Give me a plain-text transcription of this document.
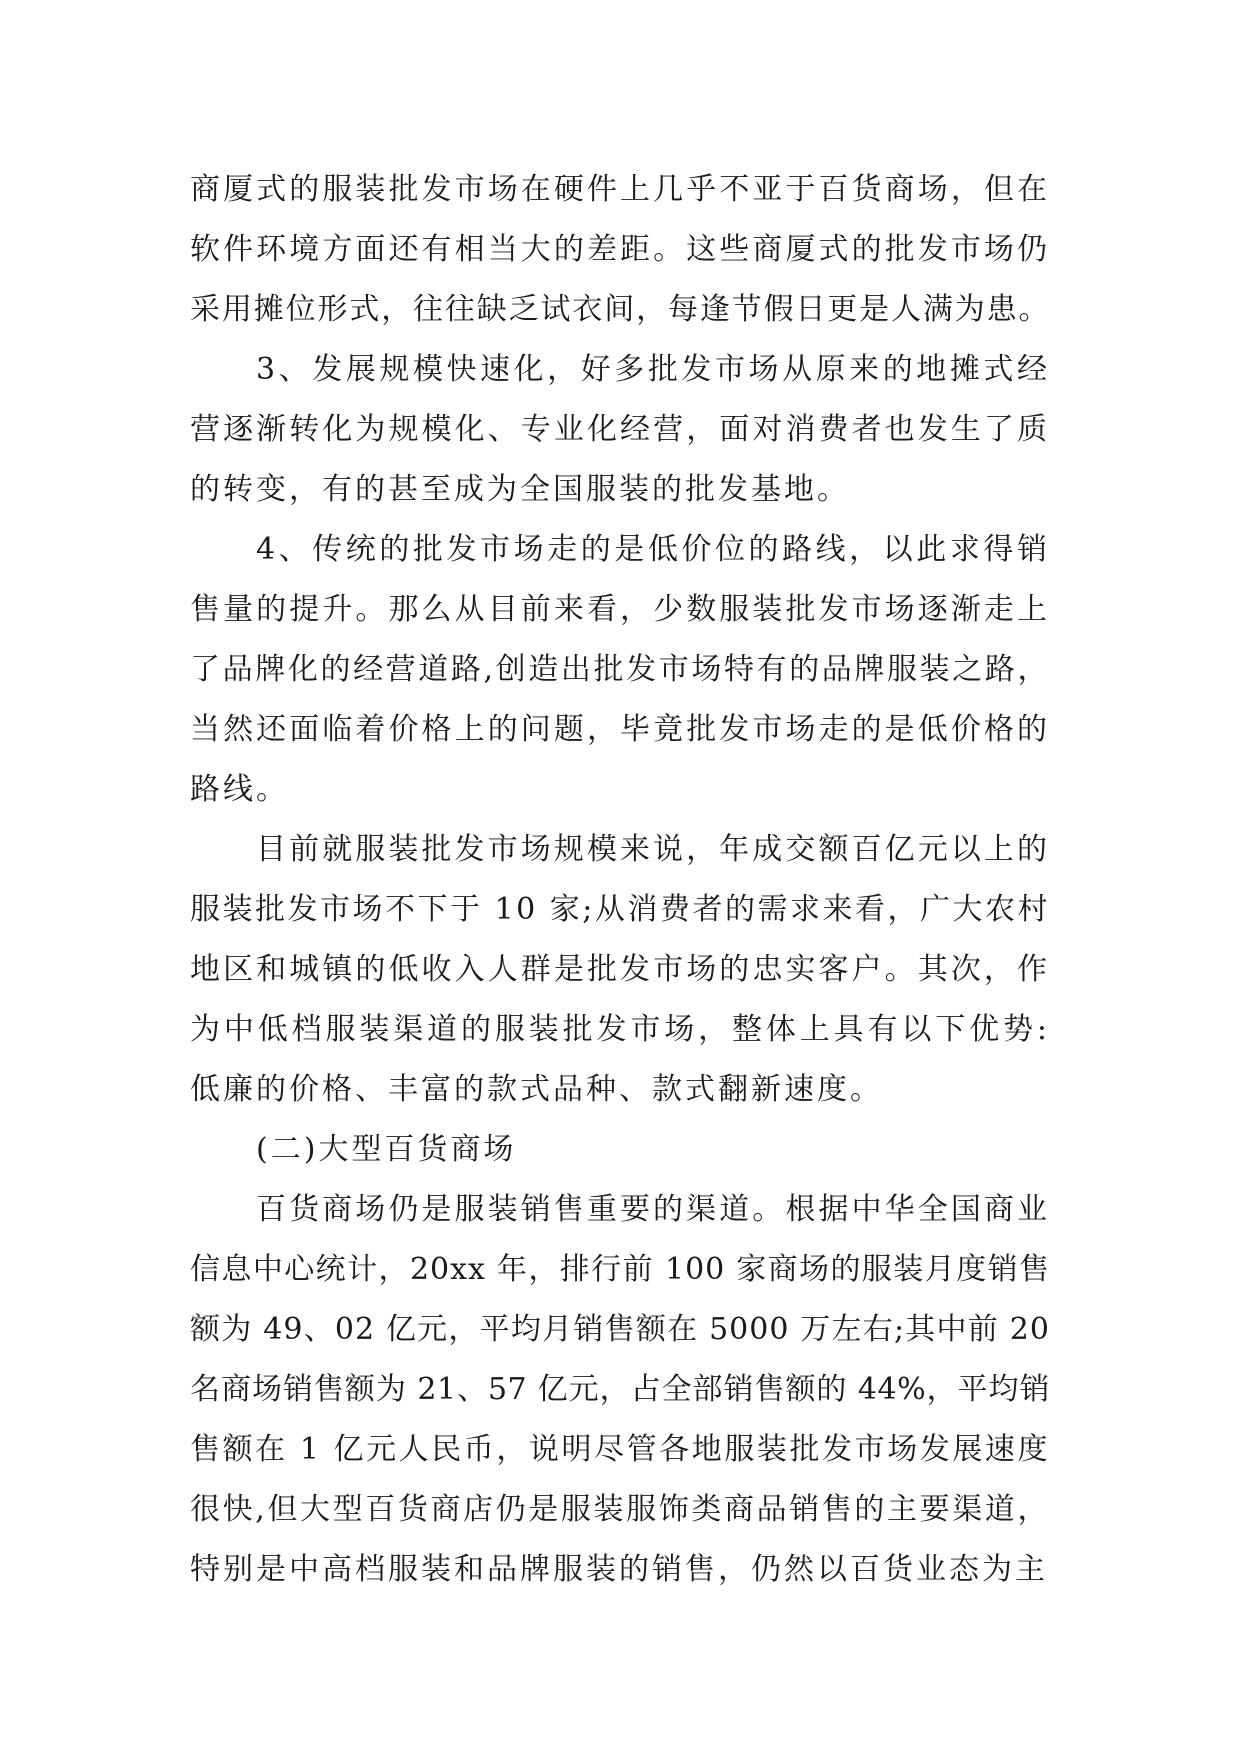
商厦式的服装批发市场在硬件上几乎不亚于百货商场，但在
软件环境方面还有相当大的差距。这些商厦式的批发市场仍
采用摊位形式，往往缺乏试衣间，每逢节假日更是人满为患。
3、发展规模快速化，好多批发市场从原来的地摊式经
营逐渐转化为规模化、专业化经营，面对消费者也发生了质
的转变，有的甚至成为全国服装的批发基地。
4、传统的批发市场走的是低价位的路线，以此求得销
售量的提升。那么从目前来看，少数服装批发市场逐渐走上
了品牌化的经营道路,创造出批发市场特有的品牌服装之路，
当然还面临着价格上的问题，毕竟批发市场走的是低价格的
路线。
目前就服装批发市场规模来说，年成交额百亿元以上的
服装批发市场不下于 10 家;从消费者的需求来看，广大农村
地区和城镇的低收入人群是批发市场的忠实客户。其次，作
为中低档服装渠道的服装批发市场，整体上具有以下优势:
低廉的价格、丰富的款式品种、款式翻新速度。
(二)大型百货商场
百货商场仍是服装销售重要的渠道。根据中华全国商业
信息中心统计，20xx 年，排行前 100 家商场的服装月度销售
额为 49、02 亿元，平均月销售额在 5000 万左右;其中前 20
名商场销售额为 21、57 亿元，占全部销售额的 44%，平均销
售额在 1 亿元人民币，说明尽管各地服装批发市场发展速度
很快,但大型百货商店仍是服装服饰类商品销售的主要渠道，
特别是中高档服装和品牌服装的销售，仍然以百货业态为主
